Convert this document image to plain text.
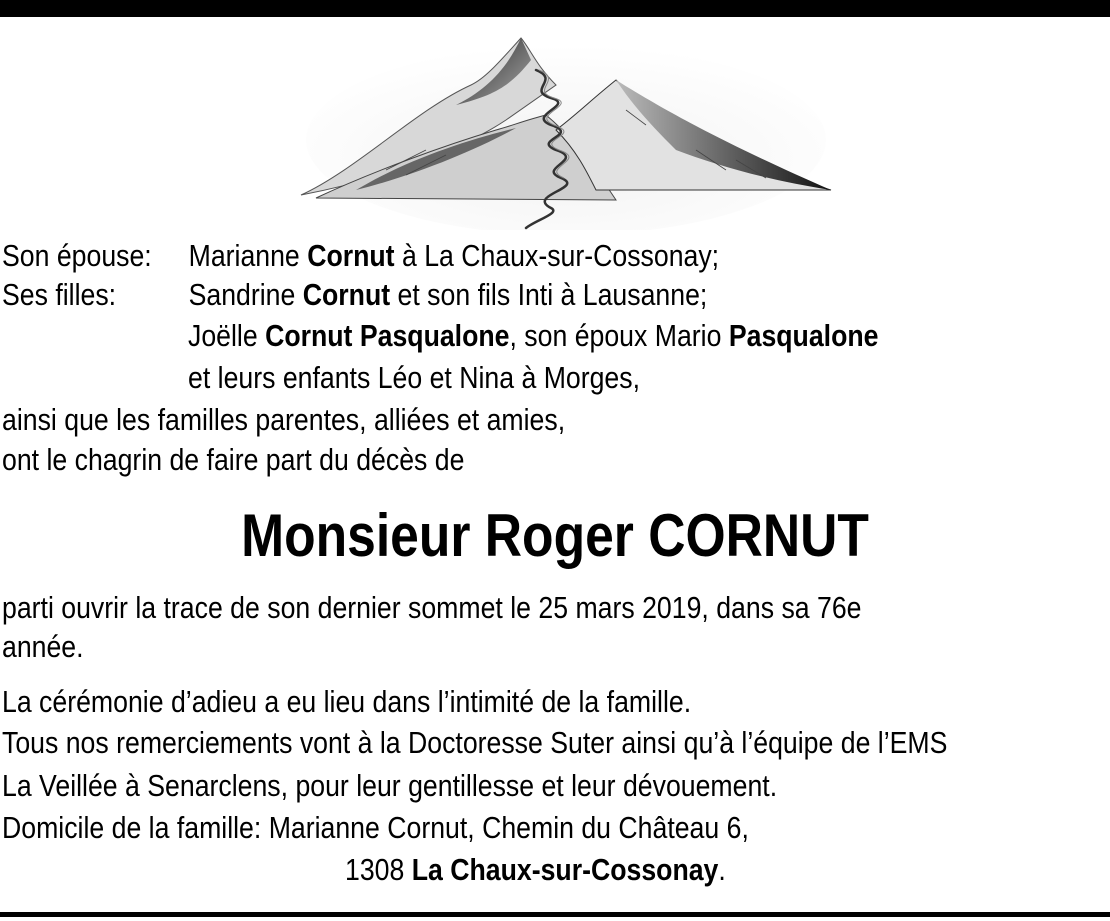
Son épouse: Marianne Cornut à La Chaux-sur-Cossonay;
Ses filles: Sandrine Cornut et son fils Inti à Lausanne;
Joëlle Cornut Pasqualone, son époux Mario Pasqualone
et leurs enfants Léo et Nina à Morges,
ainsi que les familles parentes, alliées et amies,
ont le chagrin de faire part du décès de
Monsieur Roger CORNUT
parti ouvrir la trace de son dernier sommet le 25 mars 2019, dans sa 76e
année.
La cérémonie d’adieu a eu lieu dans l’intimité de la famille.
Tous nos remerciements vont à la Doctoresse Suter ainsi qu’à l’équipe de l’EMS
La Veillée à Senarclens, pour leur gentillesse et leur dévouement.
Domicile de la famille: Marianne Cornut, Chemin du Château 6,
1308 La Chaux-sur-Cossonay.
